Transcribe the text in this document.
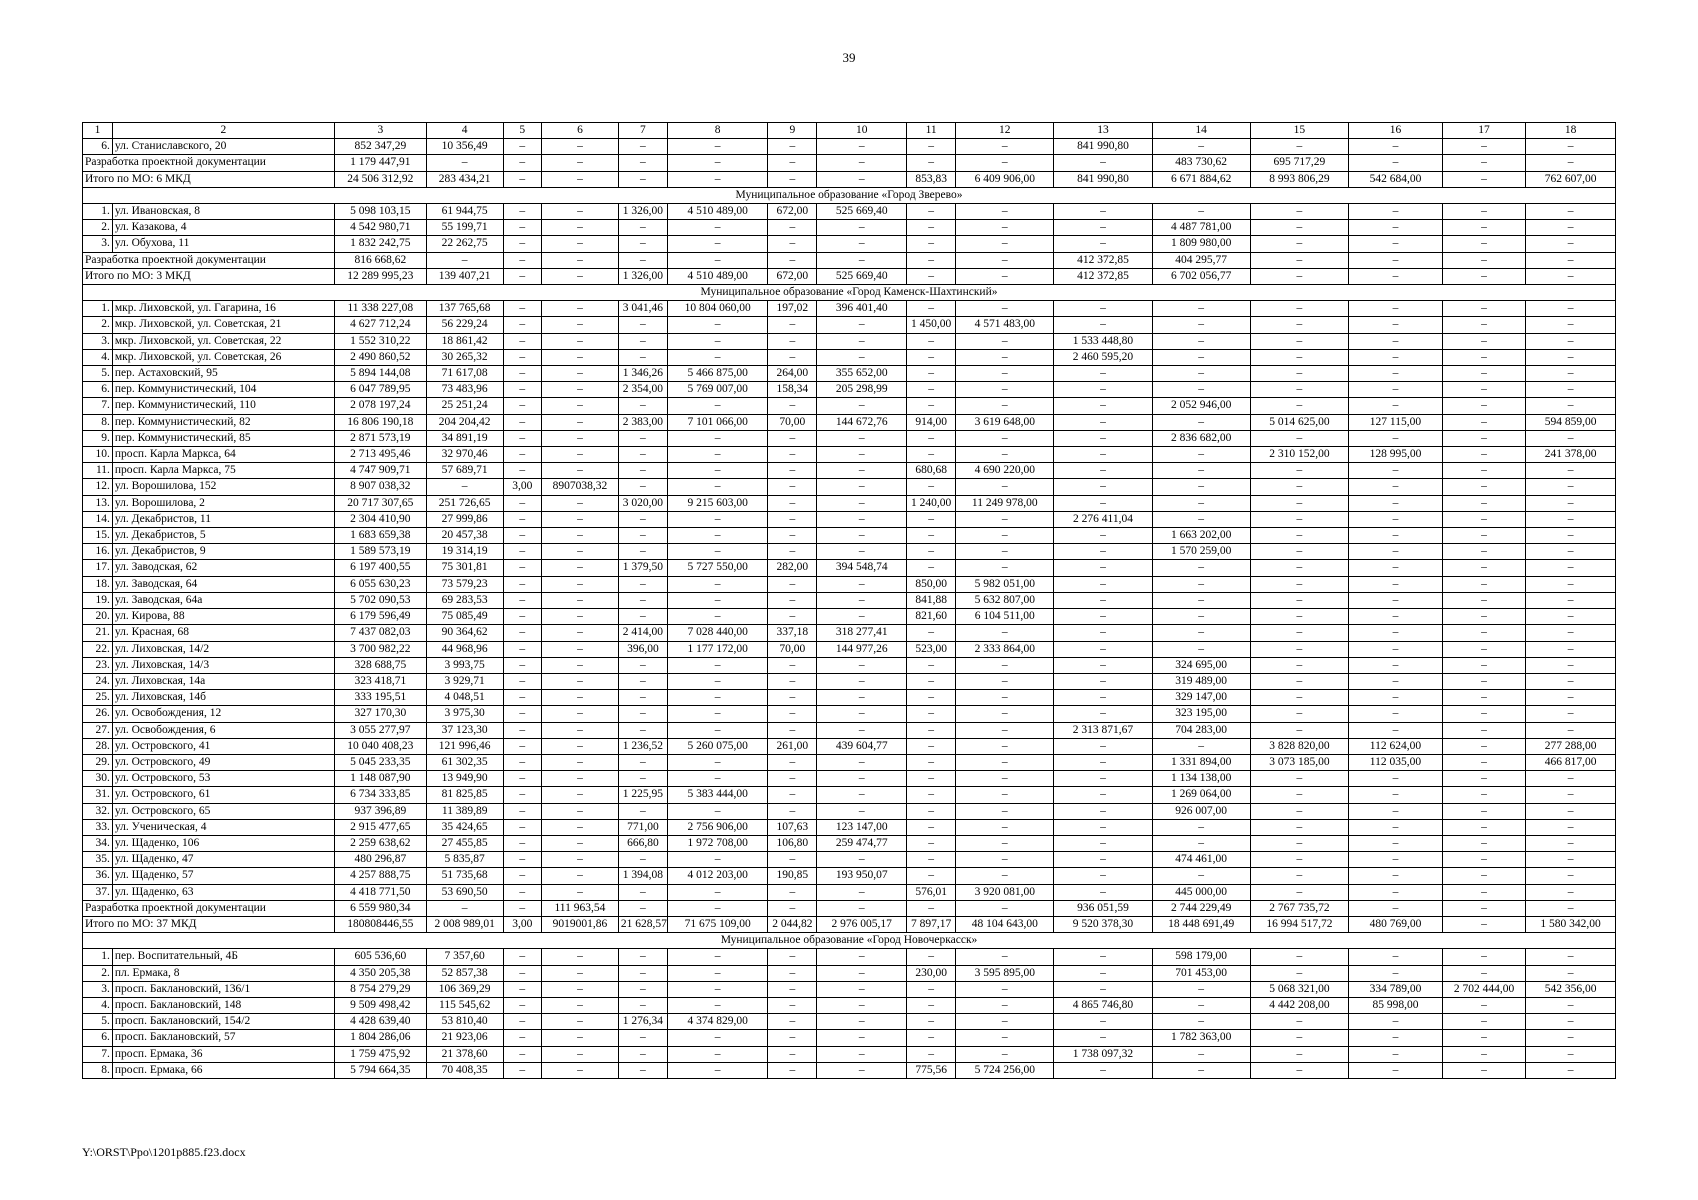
39
1	2	3	4	5	6	7	8	9	10	11	12	13	14	15	16	17	18
6.	ул. Станиславского, 20	852 347,29	10 356,49	–	–	–	–	–	–	–	–	841 990,80	–	–	–	–	–
Разработка проектной документации		1 179 447,91	–	–	–	–	–	–	–	–	–	–	483 730,62	695 717,29	–	–	–
Итого по МО: 6 МКД		24 506 312,92	283 434,21	–	–	–	–	–	–	853,83	6 409 906,00	841 990,80	6 671 884,62	8 993 806,29	542 684,00	–	762 607,00
Муниципальное образование «Город Зверево»																	
1.	ул. Ивановская, 8	5 098 103,15	61 944,75	–	–	1 326,00	4 510 489,00	672,00	525 669,40	–	–	–	–	–	–	–	–
2.	ул. Казакова, 4	4 542 980,71	55 199,71	–	–	–	–	–	–	–	–	–	4 487 781,00	–	–	–	–
3.	ул. Обухова, 11	1 832 242,75	22 262,75	–	–	–	–	–	–	–	–	–	1 809 980,00	–	–	–	–
Разработка проектной документации		816 668,62	–	–	–	–	–	–	–	–	–	412 372,85	404 295,77	–	–	–	–
Итого по МО: 3 МКД		12 289 995,23	139 407,21	–	–	1 326,00	4 510 489,00	672,00	525 669,40	–	–	412 372,85	6 702 056,77	–	–	–	–
Муниципальное образование «Город Каменск-Шахтинский»																	
1.	мкр. Лиховской, ул. Гагарина, 16	11 338 227,08	137 765,68	–	–	3 041,46	10 804 060,00	197,02	396 401,40	–	–	–	–	–	–	–	–
2.	мкр. Лиховской, ул. Советская, 21	4 627 712,24	56 229,24	–	–	–	–	–	–	1 450,00	4 571 483,00	–	–	–	–	–	–
3.	мкр. Лиховской, ул. Советская, 22	1 552 310,22	18 861,42	–	–	–	–	–	–	–	–	1 533 448,80	–	–	–	–	–
4.	мкр. Лиховской, ул. Советская, 26	2 490 860,52	30 265,32	–	–	–	–	–	–	–	–	2 460 595,20	–	–	–	–	–
5.	пер. Астаховский, 95	5 894 144,08	71 617,08	–	–	1 346,26	5 466 875,00	264,00	355 652,00	–	–	–	–	–	–	–	–
6.	пер. Коммунистический, 104	6 047 789,95	73 483,96	–	–	2 354,00	5 769 007,00	158,34	205 298,99	–	–	–	–	–	–	–	–
7.	пер. Коммунистический, 110	2 078 197,24	25 251,24	–	–	–	–	–	–	–	–	–	2 052 946,00	–	–	–	–
8.	пер. Коммунистический, 82	16 806 190,18	204 204,42	–	–	2 383,00	7 101 066,00	70,00	144 672,76	914,00	3 619 648,00	–	–	5 014 625,00	127 115,00	–	594 859,00
9.	пер. Коммунистический, 85	2 871 573,19	34 891,19	–	–	–	–	–	–	–	–	–	2 836 682,00	–	–	–	–
10.	просп. Карла Маркса, 64	2 713 495,46	32 970,46	–	–	–	–	–	–	–	–	–	–	2 310 152,00	128 995,00	–	241 378,00
11.	просп. Карла Маркса, 75	4 747 909,71	57 689,71	–	–	–	–	–	–	680,68	4 690 220,00	–	–	–	–	–	–
12.	ул. Ворошилова, 152	8 907 038,32	–	3,00	8907038,32	–	–	–	–	–	–	–	–	–	–	–	–
13.	ул. Ворошилова, 2	20 717 307,65	251 726,65	–	–	3 020,00	9 215 603,00	–	–	1 240,00	11 249 978,00	–	–	–	–	–	–
14.	ул. Декабристов, 11	2 304 410,90	27 999,86	–	–	–	–	–	–	–	–	2 276 411,04	–	–	–	–	–
15.	ул. Декабристов, 5	1 683 659,38	20 457,38	–	–	–	–	–	–	–	–	–	1 663 202,00	–	–	–	–
16.	ул. Декабристов, 9	1 589 573,19	19 314,19	–	–	–	–	–	–	–	–	–	1 570 259,00	–	–	–	–
17.	ул. Заводская, 62	6 197 400,55	75 301,81	–	–	1 379,50	5 727 550,00	282,00	394 548,74	–	–	–	–	–	–	–	–
18.	ул. Заводская, 64	6 055 630,23	73 579,23	–	–	–	–	–	–	850,00	5 982 051,00	–	–	–	–	–	–
19.	ул. Заводская, 64а	5 702 090,53	69 283,53	–	–	–	–	–	–	841,88	5 632 807,00	–	–	–	–	–	–
20.	ул. Кирова, 88	6 179 596,49	75 085,49	–	–	–	–	–	–	821,60	6 104 511,00	–	–	–	–	–	–
21.	ул. Красная, 68	7 437 082,03	90 364,62	–	–	2 414,00	7 028 440,00	337,18	318 277,41	–	–	–	–	–	–	–	–
22.	ул. Лиховская, 14/2	3 700 982,22	44 968,96	–	–	396,00	1 177 172,00	70,00	144 977,26	523,00	2 333 864,00	–	–	–	–	–	–
23.	ул. Лиховская, 14/3	328 688,75	3 993,75	–	–	–	–	–	–	–	–	–	324 695,00	–	–	–	–
24.	ул. Лиховская, 14а	323 418,71	3 929,71	–	–	–	–	–	–	–	–	–	319 489,00	–	–	–	–
25.	ул. Лиховская, 14б	333 195,51	4 048,51	–	–	–	–	–	–	–	–	–	329 147,00	–	–	–	–
26.	ул. Освобождения, 12	327 170,30	3 975,30	–	–	–	–	–	–	–	–	–	323 195,00	–	–	–	–
27.	ул. Освобождения, 6	3 055 277,97	37 123,30	–	–	–	–	–	–	–	–	2 313 871,67	704 283,00	–	–	–	–
28.	ул. Островского, 41	10 040 408,23	121 996,46	–	–	1 236,52	5 260 075,00	261,00	439 604,77	–	–	–	–	3 828 820,00	112 624,00	–	277 288,00
29.	ул. Островского, 49	5 045 233,35	61 302,35	–	–	–	–	–	–	–	–	–	1 331 894,00	3 073 185,00	112 035,00	–	466 817,00
30.	ул. Островского, 53	1 148 087,90	13 949,90	–	–	–	–	–	–	–	–	–	1 134 138,00	–	–	–	–
31.	ул. Островского, 61	6 734 333,85	81 825,85	–	–	1 225,95	5 383 444,00	–	–	–	–	–	1 269 064,00	–	–	–	–
32.	ул. Островского, 65	937 396,89	11 389,89	–	–	–	–	–	–	–	–	–	926 007,00	–	–	–	–
33.	ул. Ученическая, 4	2 915 477,65	35 424,65	–	–	771,00	2 756 906,00	107,63	123 147,00	–	–	–	–	–	–	–	–
34.	ул. Щаденко, 106	2 259 638,62	27 455,85	–	–	666,80	1 972 708,00	106,80	259 474,77	–	–	–	–	–	–	–	–
35.	ул. Щаденко, 47	480 296,87	5 835,87	–	–	–	–	–	–	–	–	–	474 461,00	–	–	–	–
36.	ул. Щаденко, 57	4 257 888,75	51 735,68	–	–	1 394,08	4 012 203,00	190,85	193 950,07	–	–	–	–	–	–	–	–
37.	ул. Щаденко, 63	4 418 771,50	53 690,50	–	–	–	–	–	–	576,01	3 920 081,00	–	445 000,00	–	–	–	–
Разработка проектной документации		6 559 980,34	–	–	111 963,54	–	–	–	–	–	–	936 051,59	2 744 229,49	2 767 735,72	–	–	–
Итого по МО: 37 МКД		180808446,55	2 008 989,01	3,00	9019001,86	21 628,57	71 675 109,00	2 044,82	2 976 005,17	7 897,17	48 104 643,00	9 520 378,30	18 448 691,49	16 994 517,72	480 769,00	–	1 580 342,00
Муниципальное образование «Город Новочеркасск»																	
1.	пер. Воспитательный, 4Б	605 536,60	7 357,60	–	–	–	–	–	–	–	–	–	598 179,00	–	–	–	–
2.	пл. Ермака, 8	4 350 205,38	52 857,38	–	–	–	–	–	–	230,00	3 595 895,00	–	701 453,00	–	–	–	–
3.	просп. Баклановский, 136/1	8 754 279,29	106 369,29	–	–	–	–	–	–	–	–	–	–	5 068 321,00	334 789,00	2 702 444,00	542 356,00
4.	просп. Баклановский, 148	9 509 498,42	115 545,62	–	–	–	–	–	–	–	–	4 865 746,80	–	4 442 208,00	85 998,00	–	–
5.	просп. Баклановский, 154/2	4 428 639,40	53 810,40	–	–	1 276,34	4 374 829,00	–	–	–	–	–	–	–	–	–	–
6.	просп. Баклановский, 57	1 804 286,06	21 923,06	–	–	–	–	–	–	–	–	–	1 782 363,00	–	–	–	–
7.	просп. Ермака, 36	1 759 475,92	21 378,60	–	–	–	–	–	–	–	–	1 738 097,32	–	–	–	–	–
8.	просп. Ермака, 66	5 794 664,35	70 408,35	–	–	–	–	–	–	775,56	5 724 256,00	–	–	–	–	–	–
Y:\ORST\Ppo\1201p885.f23.docx
